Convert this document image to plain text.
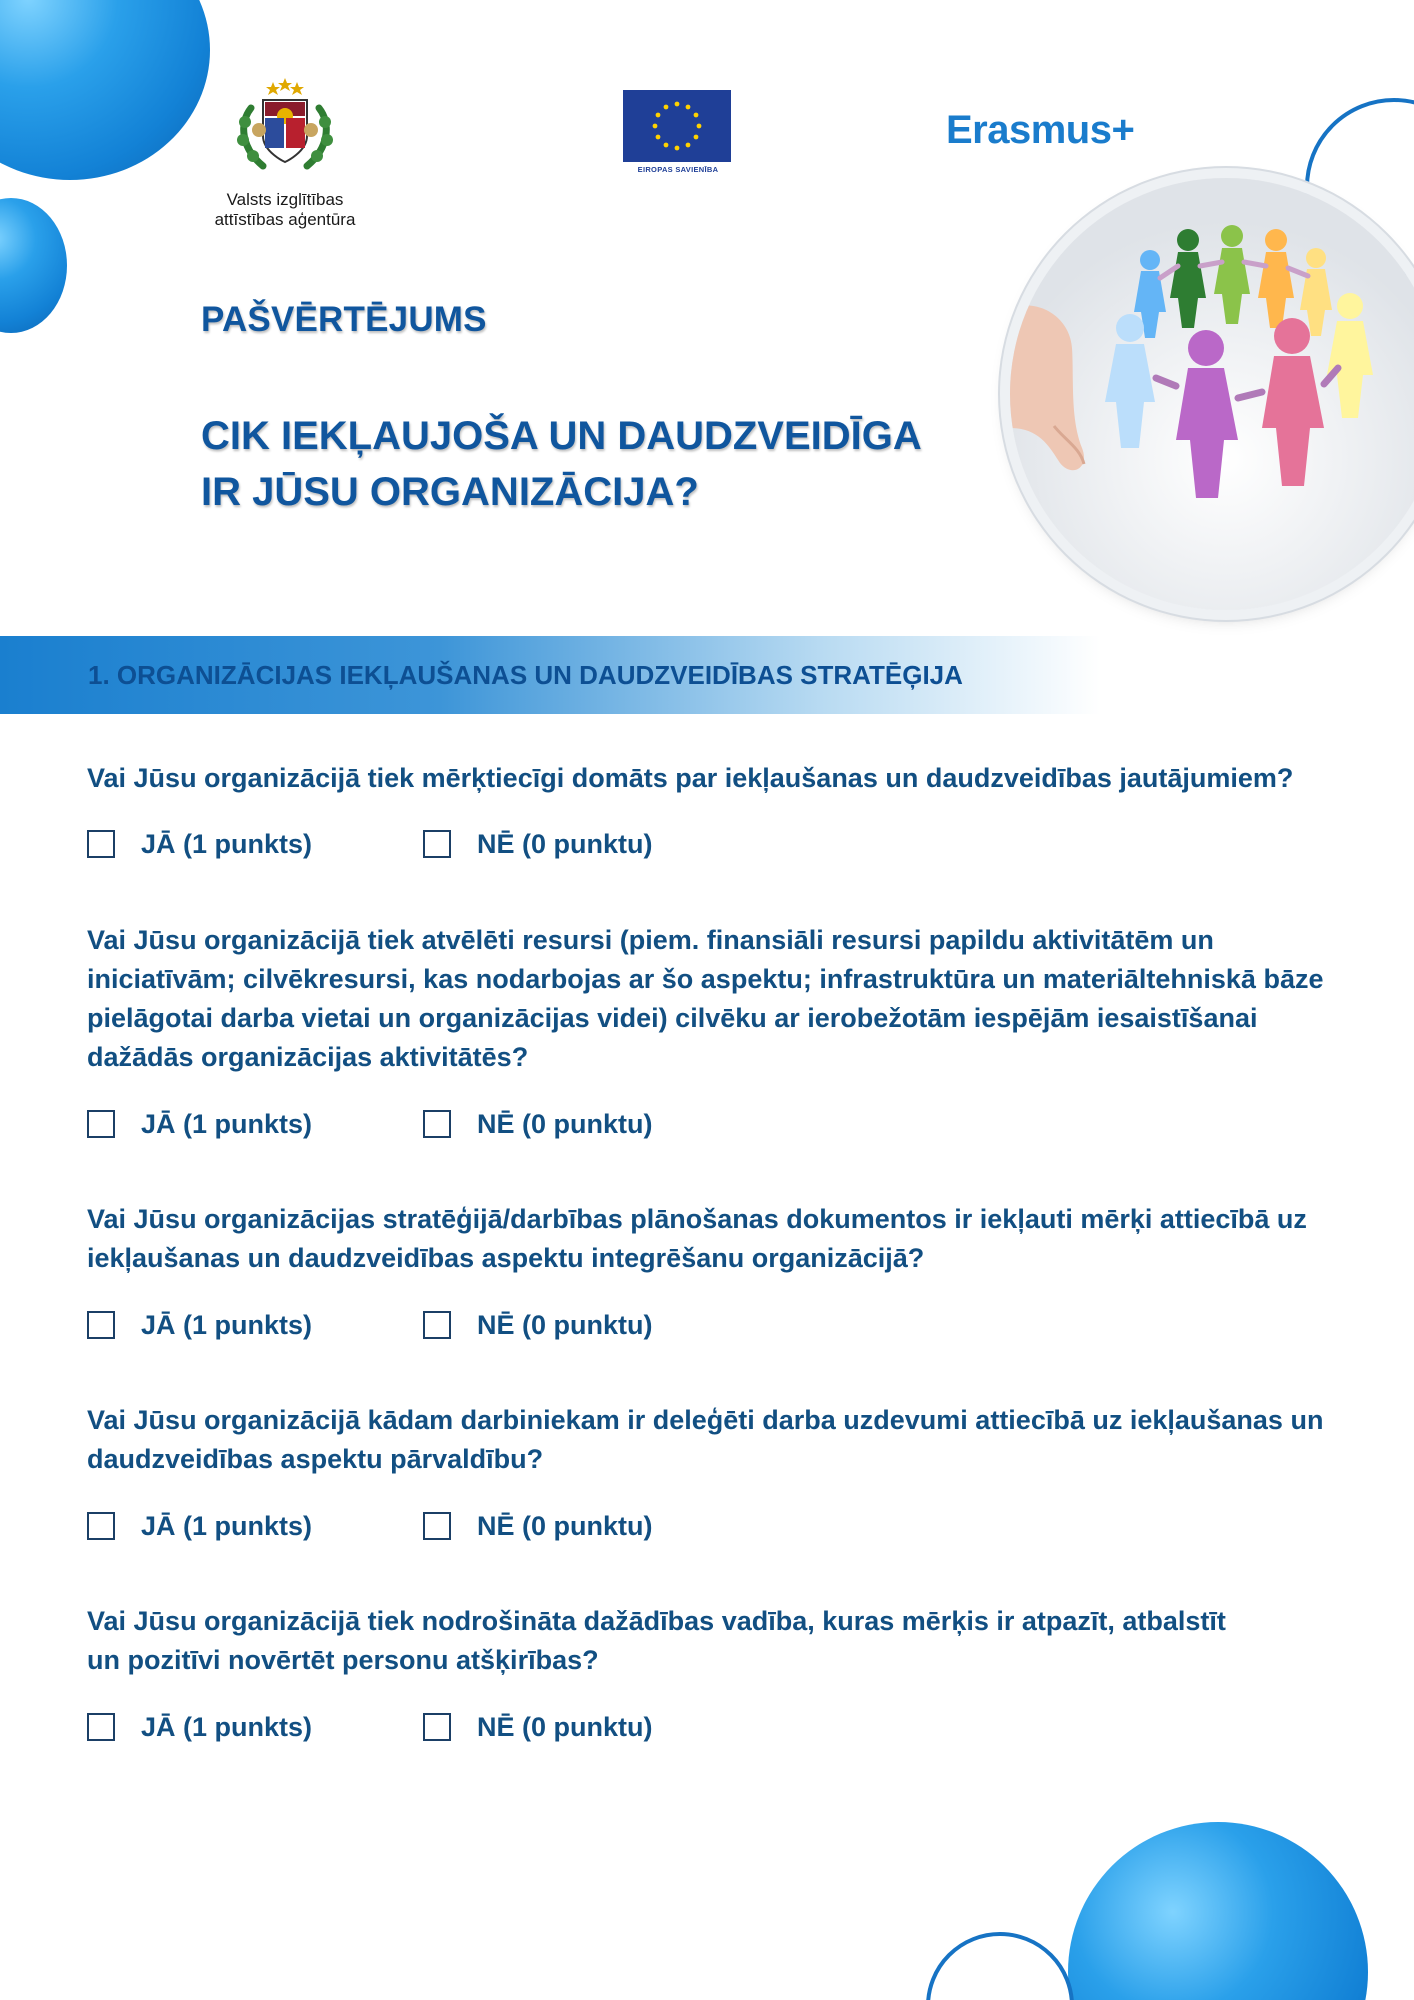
Valsts izglītības
attīstības aģentūra
EIROPAS SAVIENĪBA
Erasmus+
PAŠVĒRTĒJUMS
CIK IEKĻAUJOŠA UN DAUDZVEIDĪGA
IR JŪSU ORGANIZĀCIJA?
1. ORGANIZĀCIJAS IEKĻAUŠANAS UN DAUDZVEIDĪBAS STRATĒĢIJA
Vai Jūsu organizācijā tiek mērķtiecīgi domāts par iekļaušanas un daudzveidības jautājumiem?
JĀ (1 punkts)	NĒ (0 punktu)
Vai Jūsu organizācijā tiek atvēlēti resursi (piem. finansiāli resursi papildu aktivitātēm un
iniciatīvām; cilvēkresursi, kas nodarbojas ar šo aspektu; infrastruktūra un materiāltehniskā bāze
pielāgotai darba vietai un organizācijas videi) cilvēku ar ierobežotām iespējām iesaistīšanai
dažādās organizācijas aktivitātēs?
JĀ (1 punkts)	NĒ (0 punktu)
Vai Jūsu organizācijas stratēģijā/darbības plānošanas dokumentos ir iekļauti mērķi attiecībā uz
iekļaušanas un daudzveidības aspektu integrēšanu organizācijā?
JĀ (1 punkts)	NĒ (0 punktu)
Vai Jūsu organizācijā kādam darbiniekam ir deleģēti darba uzdevumi attiecībā uz iekļaušanas un
daudzveidības aspektu pārvaldību?
JĀ (1 punkts)	NĒ (0 punktu)
Vai Jūsu organizācijā tiek nodrošināta dažādības vadība, kuras mērķis ir atpazīt, atbalstīt
un pozitīvi novērtēt personu atšķirības?
JĀ (1 punkts)	NĒ (0 punktu)
